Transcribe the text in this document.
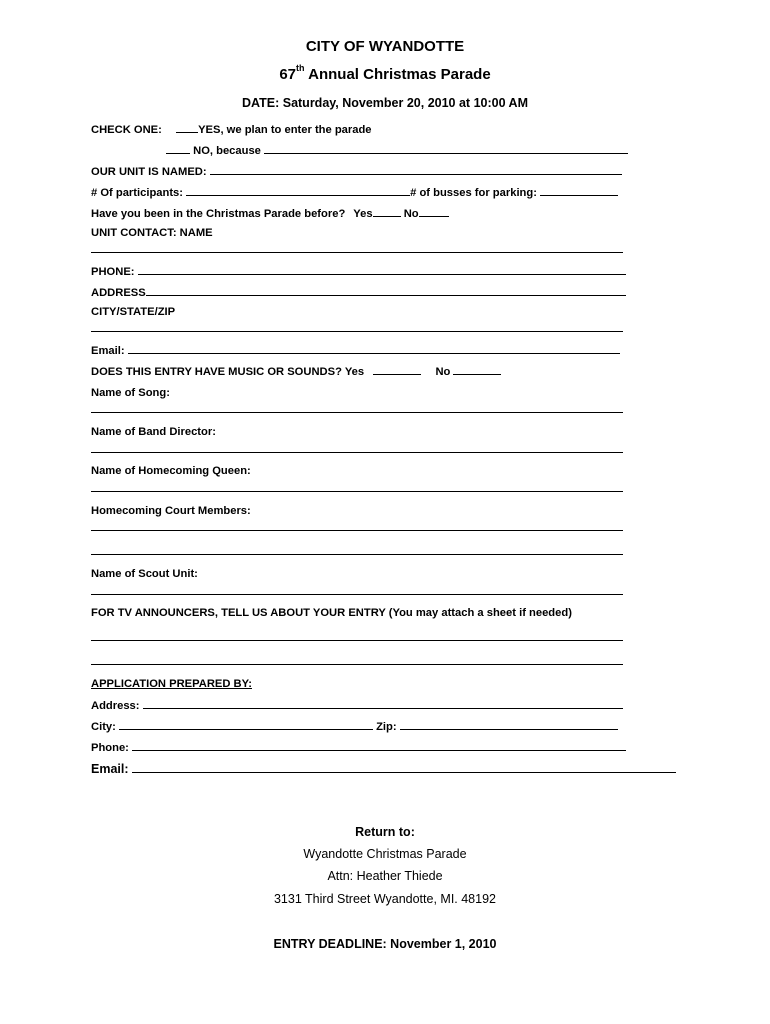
CITY OF WYANDOTTE
67th Annual Christmas Parade
DATE: Saturday, November 20, 2010 at 10:00 AM
CHECK ONE:	YES, we plan to enter the parade
NO, because
OUR UNIT IS NAMED:
# Of participants:	# of busses for parking:
Have you been in the Christmas Parade before? Yes	No
UNIT CONTACT: NAME
PHONE:
ADDRESS
CITY/STATE/ZIP
Email:
DOES THIS ENTRY HAVE MUSIC OR SOUNDS? Yes	No
Name of Song:
Name of Band Director:
Name of Homecoming Queen:
Homecoming Court Members:
Name of Scout Unit:
FOR TV ANNOUNCERS, TELL US ABOUT YOUR ENTRY (You may attach a sheet if needed)
APPLICATION PREPARED BY:
Address:
City:	Zip:
Phone:
Email:
Return to:
Wyandotte Christmas Parade
Attn: Heather Thiede
3131 Third Street Wyandotte, MI. 48192
ENTRY DEADLINE: November 1, 2010
